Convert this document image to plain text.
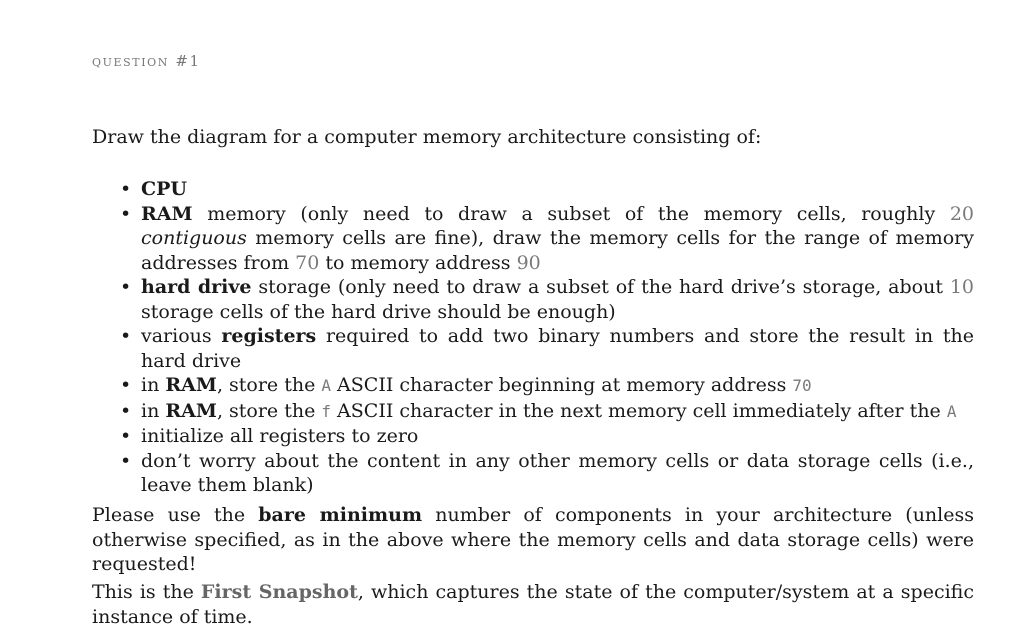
question #1

Draw the diagram for a computer memory architecture consisting of:

• CPU
• RAM memory (only need to draw a subset of the memory cells, roughly 20 contiguous memory cells are fine), draw the memory cells for the range of memory addresses from 70 to memory address 90
• hard drive storage (only need to draw a subset of the hard drive’s storage, about 10 storage cells of the hard drive should be enough)
• various registers required to add two binary numbers and store the result in the hard drive
• in RAM, store the A ASCII character beginning at memory address 70
• in RAM, store the f ASCII character in the next memory cell immediately after the A
• initialize all registers to zero
• don’t worry about the content in any other memory cells or data storage cells (i.e., leave them blank)

Please use the bare minimum number of components in your architecture (unless otherwise specified, as in the above where the memory cells and data storage cells) were requested!

This is the First Snapshot, which captures the state of the computer/system at a specific instance of time.
